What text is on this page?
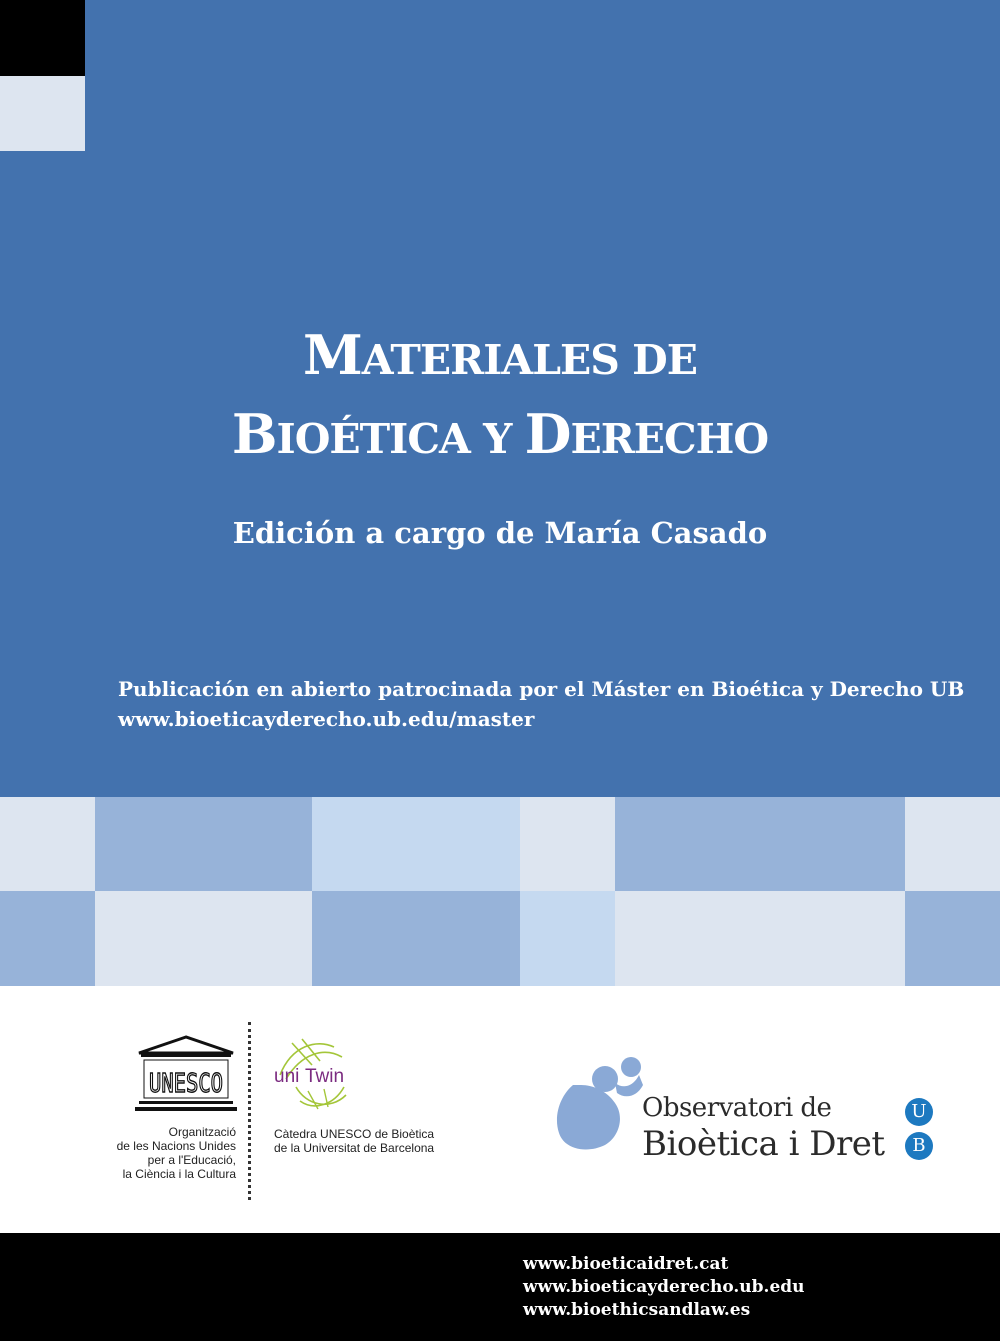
MATERIALES DE
BIOÉTICA Y DERECHO
Edición a cargo de María Casado
Publicación en abierto patrocinada por el Máster en Bioética y Derecho UB
www.bioeticayderecho.ub.edu/master
UNESCO
Organització
de les Nacions Unides
per a l'Educació,
la Ciència i la Cultura
uni Twin
Càtedra UNESCO de Bioètica
de la Universitat de Barcelona
Observatori de
Bioètica i Dret
U
B
www.bioeticaidret.cat
www.bioeticayderecho.ub.edu
www.bioethicsandlaw.es
